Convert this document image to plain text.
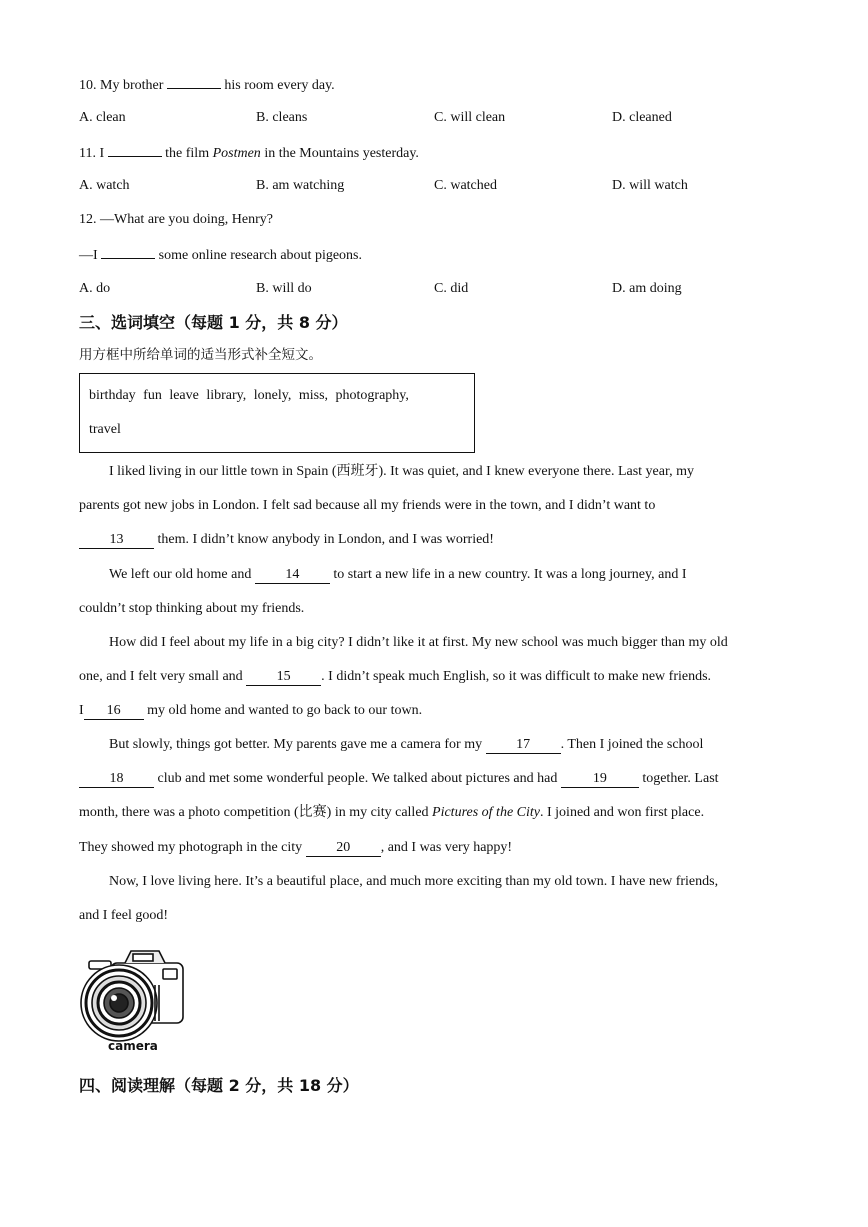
10. My brother	his room every day.
A. clean	B. cleans	C. will clean	D. cleaned
11. I	the film Postmen in the Mountains yesterday.
A. watch	B. am watching	C. watched	D. will watch
12. —What are you doing, Henry?
—I	some online research about pigeons.
A. do	B. will do	C. did	D. am doing
三、选词填空（每题 1 分，共 8 分）
用方框中所给单词的适当形式补全短文。
birthday fun leave library, lonely, miss, photography,
travel
I liked living in our little town in Spain (西班牙). It was quiet, and I knew everyone there. Last year, my
parents got new jobs in London. I felt sad because all my friends were in the town, and I didn’t want to
13 them. I didn’t know anybody in London, and I was worried!
We left our old home and 14 to start a new life in a new country. It was a long journey, and I
couldn’t stop thinking about my friends.
How did I feel about my life in a big city? I didn’t like it at first. My new school was much bigger than my old
one, and I felt very small and 15 . I didn’t speak much English, so it was difficult to make new friends.
I 16 my old home and wanted to go back to our town.
But slowly, things got better. My parents gave me a camera for my 17 . Then I joined the school
18 club and met some wonderful people. We talked about pictures and had	19	together. Last
month, there was a photo competition (比赛) in my city called Pictures of the City. I joined and won first place.
They showed my photograph in the city 20 , and I was very happy!
Now, I love living here. It’s a beautiful place, and much more exciting than my old town. I have new friends,
and I feel good!
camera
四、阅读理解（每题 2 分，共 18 分）
